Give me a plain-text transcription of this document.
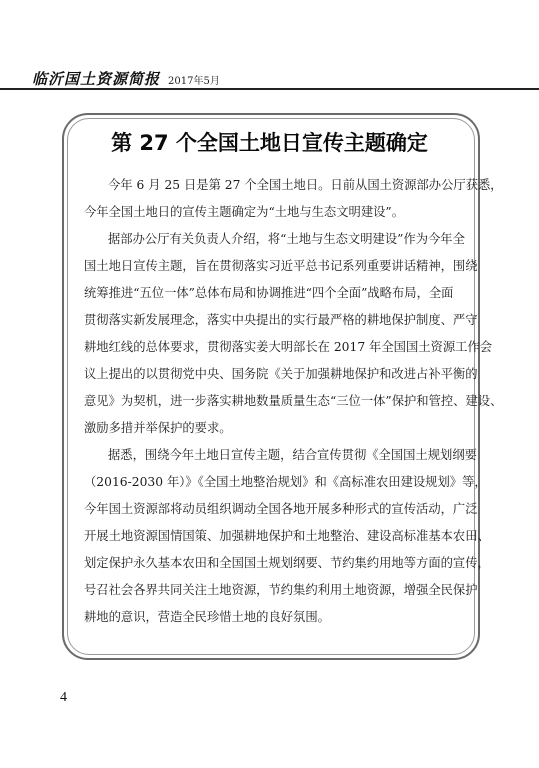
临沂国土资源简报 2017年5月
第 27 个全国土地日宣传主题确定
今年 6 月 25 日是第 27 个全国土地日。日前从国土资源部办公厅获悉，
今年全国土地日的宣传主题确定为“土地与生态文明建设”。
据部办公厅有关负责人介绍，将“土地与生态文明建设”作为今年全
国土地日宣传主题，旨在贯彻落实习近平总书记系列重要讲话精神，围绕
统筹推进“五位一体”总体布局和协调推进“四个全面”战略布局，全面
贯彻落实新发展理念，落实中央提出的实行最严格的耕地保护制度、严守
耕地红线的总体要求，贯彻落实姜大明部长在 2017 年全国国土资源工作会
议上提出的以贯彻党中央、国务院《关于加强耕地保护和改进占补平衡的
意见》为契机，进一步落实耕地数量质量生态“三位一体”保护和管控、建设、
激励多措并举保护的要求。
据悉，围绕今年土地日宣传主题，结合宣传贯彻《全国国土规划纲要
（2016-2030 年）》《全国土地整治规划》和《高标准农田建设规划》等，
今年国土资源部将动员组织调动全国各地开展多种形式的宣传活动，广泛
开展土地资源国情国策、加强耕地保护和土地整治、建设高标准基本农田、
划定保护永久基本农田和全国国土规划纲要、节约集约用地等方面的宣传，
号召社会各界共同关注土地资源，节约集约利用土地资源，增强全民保护
耕地的意识，营造全民珍惜土地的良好氛围。
4
